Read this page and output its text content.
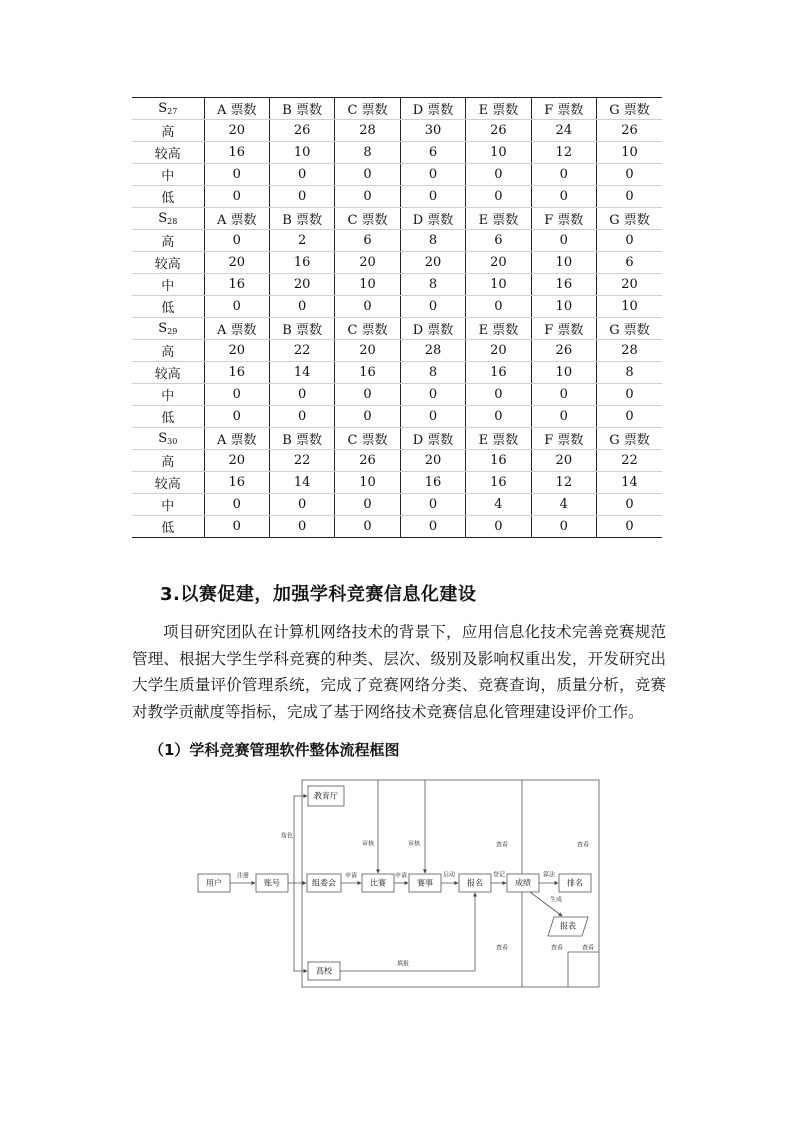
$S_{27}$	A 票数	B 票数	C 票数	D 票数	E 票数	F 票数	G 票数
高	20	26	28	30	26	24	26
较高	16	10	8	6	10	12	10
中	0	0	0	0	0	0	0
低	0	0	0	0	0	0	0
$S_{28}$	A 票数	B 票数	C 票数	D 票数	E 票数	F 票数	G 票数
高	0	2	6	8	6	0	0
较高	20	16	20	20	20	10	6
中	16	20	10	8	10	16	20
低	0	0	0	0	0	10	10
$S_{29}$	A 票数	B 票数	C 票数	D 票数	E 票数	F 票数	G 票数
高	20	22	20	28	20	26	28
较高	16	14	16	8	16	10	8
中	0	0	0	0	0	0	0
低	0	0	0	0	0	0	0
$S_{30}$	A 票数	B 票数	C 票数	D 票数	E 票数	F 票数	G 票数
高	20	22	26	20	16	20	22
较高	16	14	10	16	16	12	14
中	0	0	0	0	4	4	0
低	0	0	0	0	0	0	0
3.以赛促建，加强学科竞赛信息化建设

项目研究团队在计算机网络技术的背景下，应用信息化技术完善竞赛规范管理、根据大学生学科竞赛的种类、层次、级别及影响权重出发，开发研究出大学生质量评价管理系统，完成了竞赛网络分类、竞赛查询，质量分析，竞赛对教学贡献度等指标，完成了基于网络技术竞赛信息化管理建设评价工作。

（1）学科竞赛管理软件整体流程框图
教育厅
用户	账号	组委会	比赛	赛事	报名	成绩	排名
报表
高校
角色
注册	申请	申请
审核	审核
启动	登记	算法
生成
查看	查看
查看	查看	查看
填报
